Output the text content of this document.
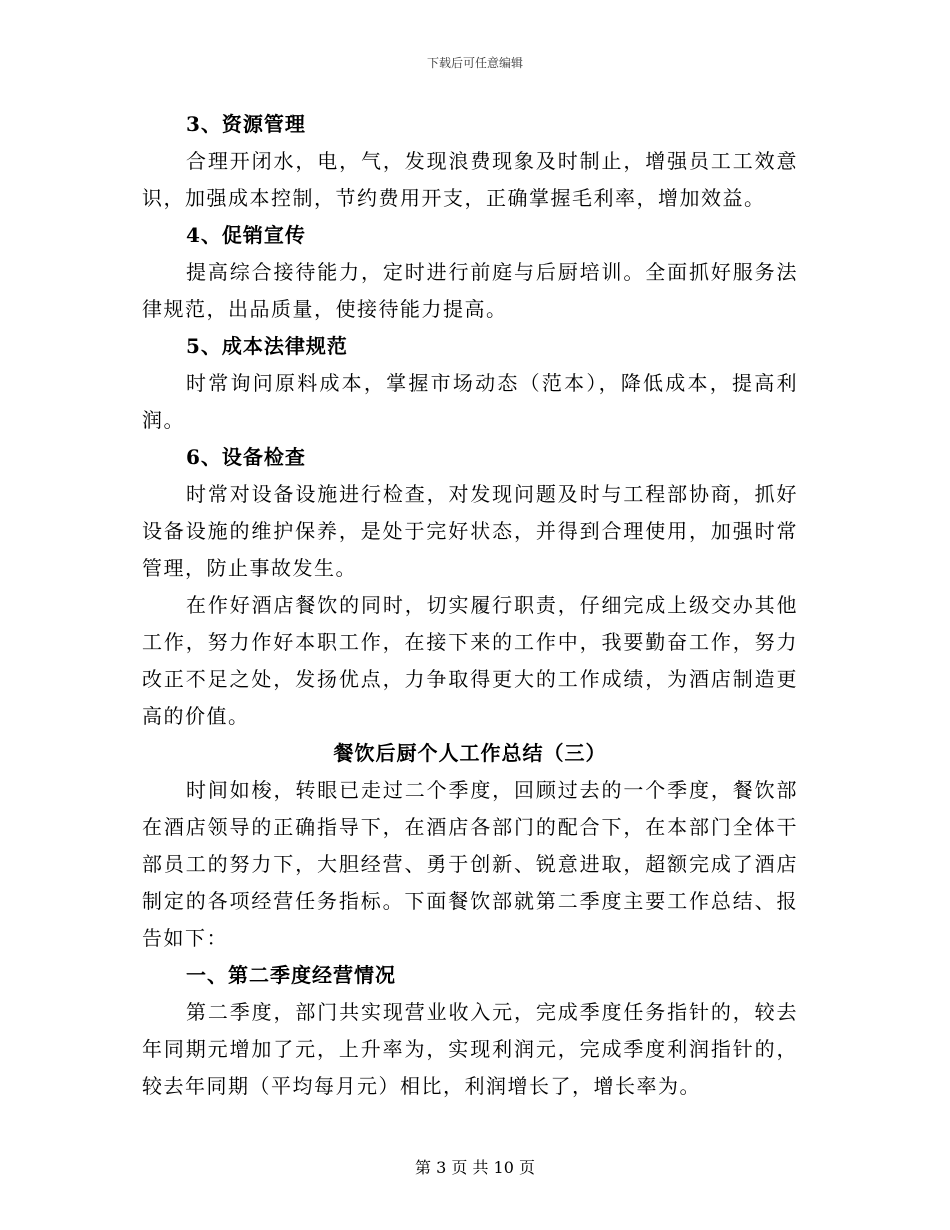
下载后可任意编辑
3、资源管理
合理开闭水，电，气，发现浪费现象及时制止，增强员工工效意识，加强成本控制，节约费用开支，正确掌握毛利率，增加效益。
4、促销宣传
提高综合接待能力，定时进行前庭与后厨培训。全面抓好服务法律规范，出品质量，使接待能力提高。
5、成本法律规范
时常询问原料成本，掌握市场动态（范本），降低成本，提高利润。
6、设备检查
时常对设备设施进行检查，对发现问题及时与工程部协商，抓好设备设施的维护保养，是处于完好状态，并得到合理使用，加强时常管理，防止事故发生。
在作好酒店餐饮的同时，切实履行职责，仔细完成上级交办其他工作，努力作好本职工作，在接下来的工作中，我要勤奋工作，努力改正不足之处，发扬优点，力争取得更大的工作成绩，为酒店制造更高的价值。
餐饮后厨个人工作总结（三）
时间如梭，转眼已走过二个季度，回顾过去的一个季度，餐饮部在酒店领导的正确指导下，在酒店各部门的配合下，在本部门全体干部员工的努力下，大胆经营、勇于创新、锐意进取，超额完成了酒店制定的各项经营任务指标。下面餐饮部就第二季度主要工作总结、报告如下：
一、第二季度经营情况
第二季度，部门共实现营业收入元，完成季度任务指针的，较去年同期元增加了元，上升率为，实现利润元，完成季度利润指针的，较去年同期（平均每月元）相比，利润增长了，增长率为。
第 3 页 共 10 页
